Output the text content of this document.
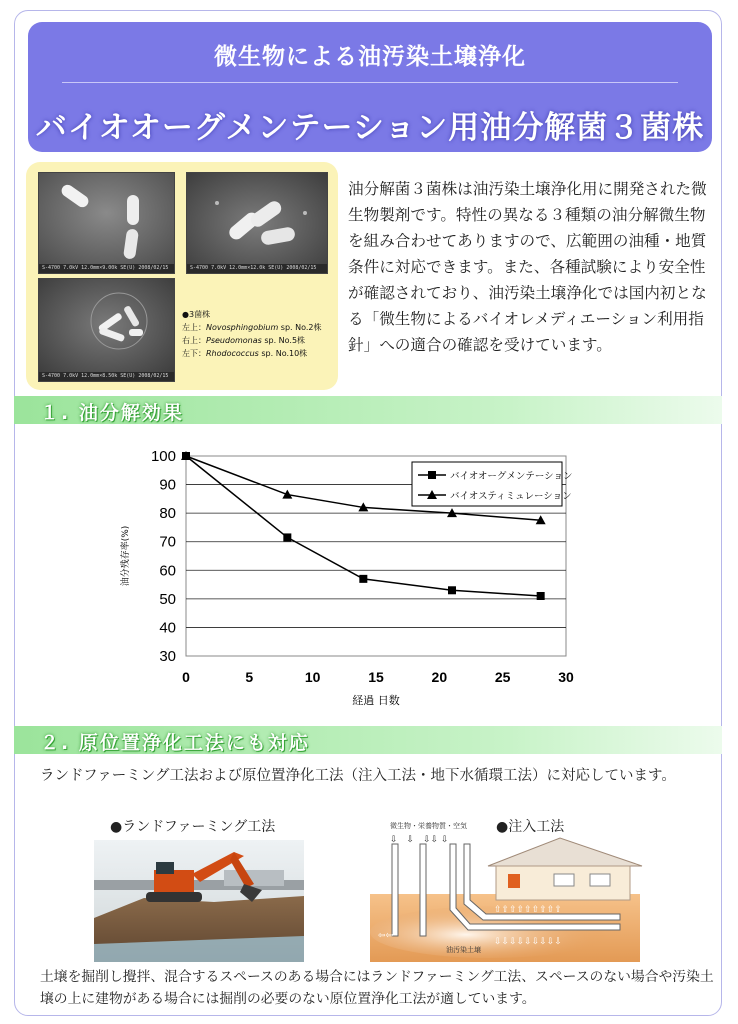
微生物による油汚染土壌浄化
バイオオーグメンテーション用油分解菌３菌株
S-4700 7.0kV 12.0mm×9.00k SE(U) 2008/02/15	S-4700 7.0kV 12.0mm×12.0k SE(U) 2008/02/15
S-4700 7.0kV 12.0mm×8.50k SE(U) 2008/02/15
●3菌株
左上：Novosphingobium sp. No.2株
右上：Pseudomonas sp. No.5株
左下：Rhodococcus sp. No.10株
油分解菌３菌株は油汚染土壌浄化用に開発された微生物製剤です。特性の異なる３種類の油分解微生物を組み合わせてありますので、広範囲の油種・地質条件に対応できます。また、各種試験により安全性が確認されており、油汚染土壌浄化では国内初となる「微生物によるバイオレメディエーション利用指針」への適合の確認を受けています。
１. 油分解効果
30
40
50
60
70
80
90
100
0	5	10	15	20	25	30
経過 日数
油分残存率(%)
バイオオーグメンテーション
バイオスティミュレーション
２. 原位置浄化工法にも対応
ランドファーミング工法および原位置浄化工法（注入工法・地下水循環工法）に対応しています。
●ランドファーミング工法	●注入工法
微生物・栄養物質・空気
⇩　⇩　⇩⇩ ⇩
油汚染土壌
⇦⇦
⇧⇧⇧⇧⇧⇧⇧⇧⇧
⇩⇩⇩⇩⇩⇩⇩⇩⇩
土壌を掘削し攪拌、混合するスペースのある場合にはランドファーミング工法、スペースのない場合や汚染土壌の上に建物がある場合には掘削の必要のない原位置浄化工法が適しています。
